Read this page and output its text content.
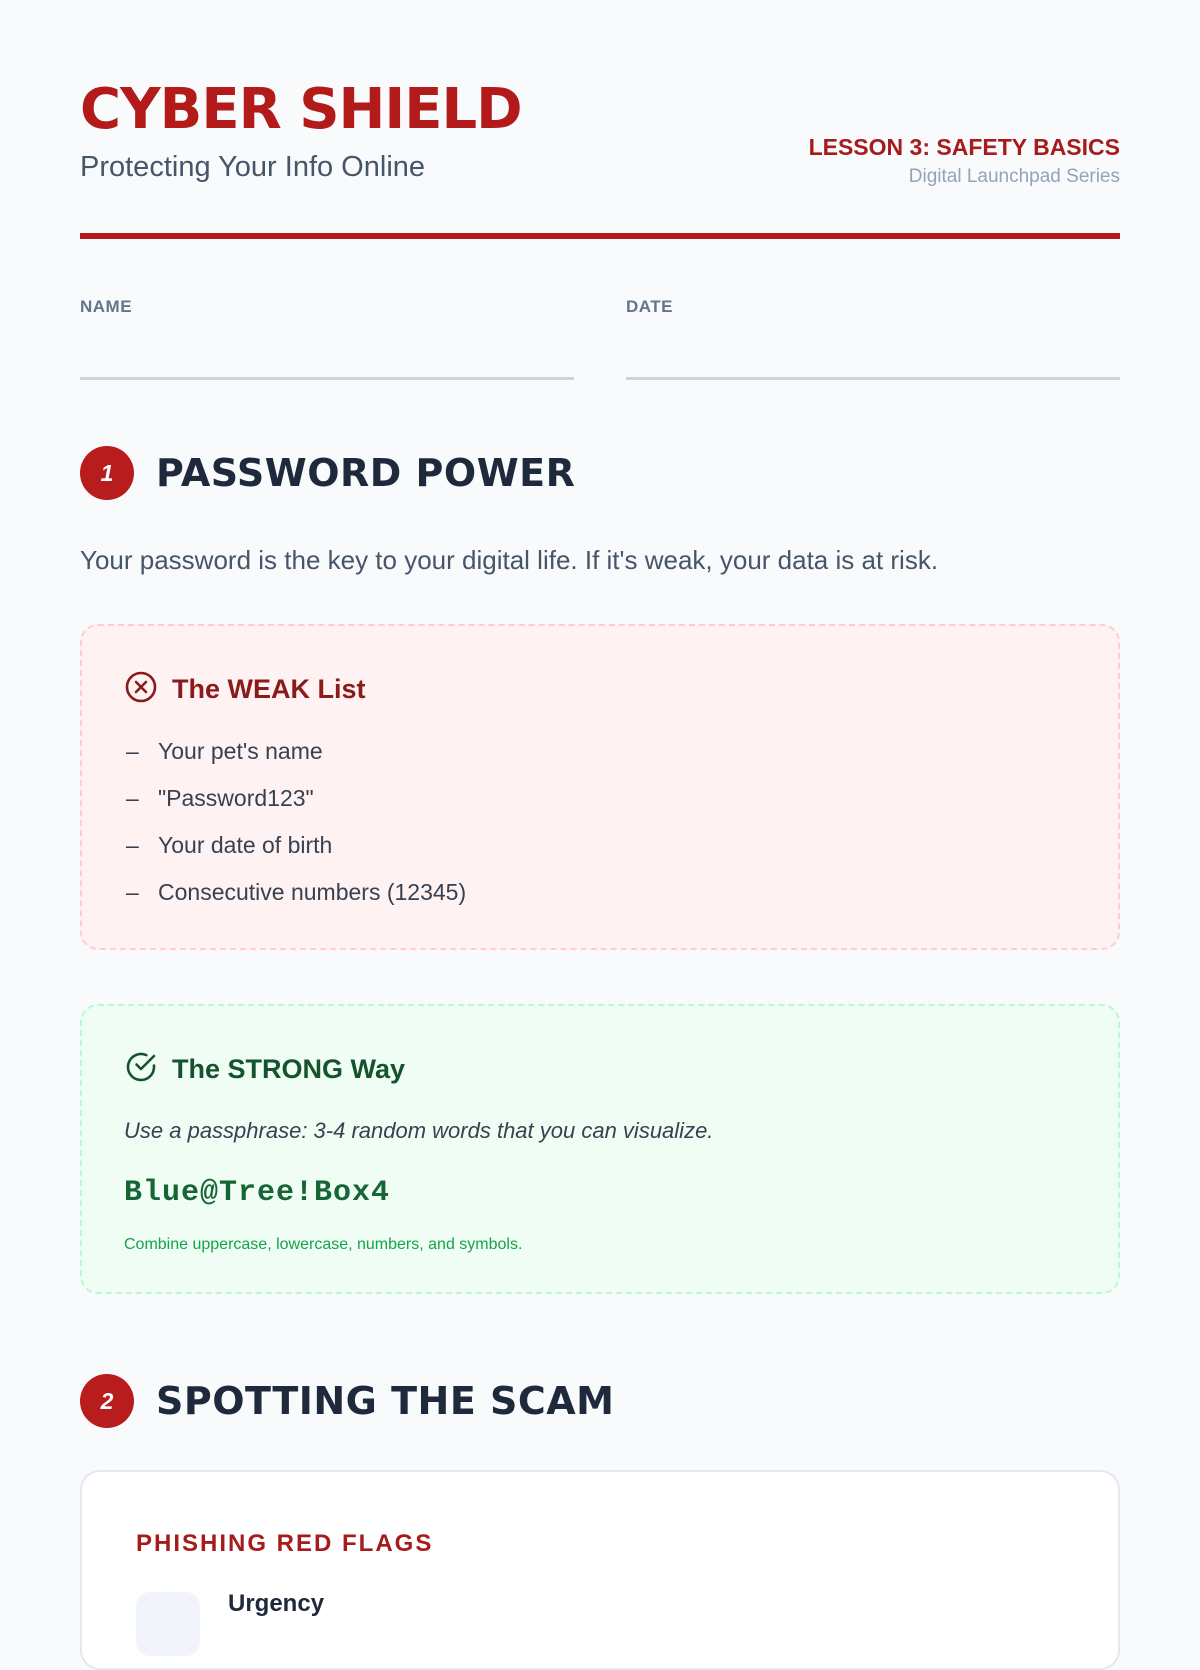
CYBER SHIELD
Protecting Your Info Online
LESSON 3: SAFETY BASICS
Digital Launchpad Series
NAME	DATE
1	PASSWORD POWER
Your password is the key to your digital life. If it's weak, your data is at risk.
The WEAK List
– Your pet's name
– "Password123"
– Your date of birth
– Consecutive numbers (12345)
The STRONG Way
Use a passphrase: 3-4 random words that you can visualize.
Blue@Tree!Box4
Combine uppercase, lowercase, numbers, and symbols.
2	SPOTTING THE SCAM
PHISHING RED FLAGS
Urgency
